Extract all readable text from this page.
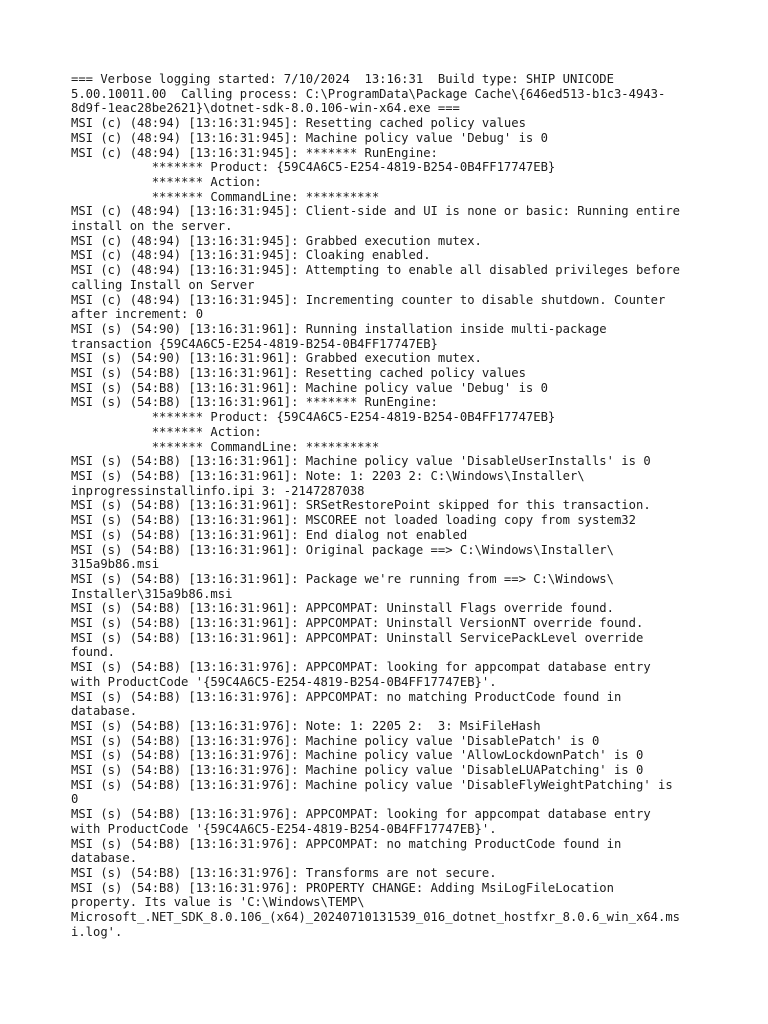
=== Verbose logging started: 7/10/2024  13:16:31  Build type: SHIP UNICODE
5.00.10011.00  Calling process: C:\ProgramData\Package Cache\{646ed513-b1c3-4943-
8d9f-1eac28be2621}\dotnet-sdk-8.0.106-win-x64.exe ===
MSI (c) (48:94) [13:16:31:945]: Resetting cached policy values
MSI (c) (48:94) [13:16:31:945]: Machine policy value 'Debug' is 0
MSI (c) (48:94) [13:16:31:945]: ******* RunEngine:
******* Product: {59C4A6C5-E254-4819-B254-0B4FF17747EB}
******* Action:
******* CommandLine: **********
MSI (c) (48:94) [13:16:31:945]: Client-side and UI is none or basic: Running entire
install on the server.
MSI (c) (48:94) [13:16:31:945]: Grabbed execution mutex.
MSI (c) (48:94) [13:16:31:945]: Cloaking enabled.
MSI (c) (48:94) [13:16:31:945]: Attempting to enable all disabled privileges before
calling Install on Server
MSI (c) (48:94) [13:16:31:945]: Incrementing counter to disable shutdown. Counter
after increment: 0
MSI (s) (54:90) [13:16:31:961]: Running installation inside multi-package
transaction {59C4A6C5-E254-4819-B254-0B4FF17747EB}
MSI (s) (54:90) [13:16:31:961]: Grabbed execution mutex.
MSI (s) (54:B8) [13:16:31:961]: Resetting cached policy values
MSI (s) (54:B8) [13:16:31:961]: Machine policy value 'Debug' is 0
MSI (s) (54:B8) [13:16:31:961]: ******* RunEngine:
******* Product: {59C4A6C5-E254-4819-B254-0B4FF17747EB}
******* Action:
******* CommandLine: **********
MSI (s) (54:B8) [13:16:31:961]: Machine policy value 'DisableUserInstalls' is 0
MSI (s) (54:B8) [13:16:31:961]: Note: 1: 2203 2: C:\Windows\Installer\
inprogressinstallinfo.ipi 3: -2147287038
MSI (s) (54:B8) [13:16:31:961]: SRSetRestorePoint skipped for this transaction.
MSI (s) (54:B8) [13:16:31:961]: MSCOREE not loaded loading copy from system32
MSI (s) (54:B8) [13:16:31:961]: End dialog not enabled
MSI (s) (54:B8) [13:16:31:961]: Original package ==> C:\Windows\Installer\
315a9b86.msi
MSI (s) (54:B8) [13:16:31:961]: Package we're running from ==> C:\Windows\
Installer\315a9b86.msi
MSI (s) (54:B8) [13:16:31:961]: APPCOMPAT: Uninstall Flags override found.
MSI (s) (54:B8) [13:16:31:961]: APPCOMPAT: Uninstall VersionNT override found.
MSI (s) (54:B8) [13:16:31:961]: APPCOMPAT: Uninstall ServicePackLevel override
found.
MSI (s) (54:B8) [13:16:31:976]: APPCOMPAT: looking for appcompat database entry
with ProductCode '{59C4A6C5-E254-4819-B254-0B4FF17747EB}'.
MSI (s) (54:B8) [13:16:31:976]: APPCOMPAT: no matching ProductCode found in
database.
MSI (s) (54:B8) [13:16:31:976]: Note: 1: 2205 2:  3: MsiFileHash
MSI (s) (54:B8) [13:16:31:976]: Machine policy value 'DisablePatch' is 0
MSI (s) (54:B8) [13:16:31:976]: Machine policy value 'AllowLockdownPatch' is 0
MSI (s) (54:B8) [13:16:31:976]: Machine policy value 'DisableLUAPatching' is 0
MSI (s) (54:B8) [13:16:31:976]: Machine policy value 'DisableFlyWeightPatching' is
0
MSI (s) (54:B8) [13:16:31:976]: APPCOMPAT: looking for appcompat database entry
with ProductCode '{59C4A6C5-E254-4819-B254-0B4FF17747EB}'.
MSI (s) (54:B8) [13:16:31:976]: APPCOMPAT: no matching ProductCode found in
database.
MSI (s) (54:B8) [13:16:31:976]: Transforms are not secure.
MSI (s) (54:B8) [13:16:31:976]: PROPERTY CHANGE: Adding MsiLogFileLocation
property. Its value is 'C:\Windows\TEMP\
Microsoft_.NET_SDK_8.0.106_(x64)_20240710131539_016_dotnet_hostfxr_8.0.6_win_x64.ms
i.log'.
